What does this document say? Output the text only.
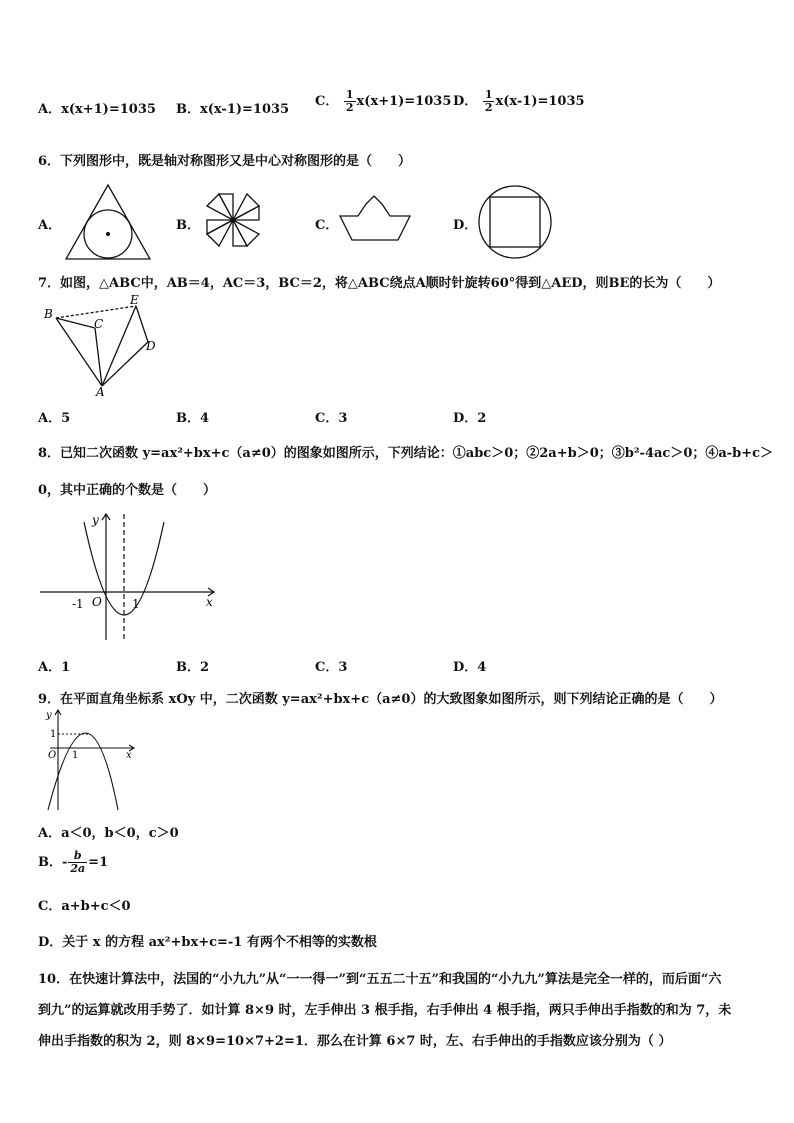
A．x(x+1)=1035 B．x(x-1)=1035
C． $\frac{1}{2} x(x+1)=1035$ D． $\frac{1}{2} x(x-1)=1035$
6．下列图形中，既是轴对称图形又是中心对称图形的是（　　）
A．	B．	C．	D．
7．如图，△ABC中，AB＝4，AC＝3，BC＝2，将△ABC绕点A顺时针旋转60°得到△AED，则BE的长为（　　）
B
C
E
D
A
A．5	B．4	C．3	D．2
8．已知二次函数 y=ax²+bx+c（a≠0）的图象如图所示，下列结论：①abc＞0；②2a+b＞0；③b²-4ac＞0；④a-b+c＞
0，其中正确的个数是（　　）
y
x
O
-1	1
A．1	B．2	C．3	D．4
9．在平面直角坐标系 xOy 中，二次函数 y=ax²+bx+c（a≠0）的大致图象如图所示，则下列结论正确的是（　　）
y
x
O
1
1
A．a＜0，b＜0，c＞0
B．- $\frac{b}{2a} =1$
C．a+b+c＜0
D．关于 x 的方程 ax²+bx+c=-1 有两个不相等的实数根
10．在快速计算法中，法国的“小九九”从“一一得一”到“五五二十五”和我国的“小九九”算法是完全一样的，而后面“六
到九”的运算就改用手势了．如计算 8×9 时，左手伸出 3 根手指，右手伸出 4 根手指，两只手伸出手指数的和为 7，未
伸出手指数的积为 2，则 8×9=10×7+2=1．那么在计算 6×7 时，左、右手伸出的手指数应该分别为（ ）
